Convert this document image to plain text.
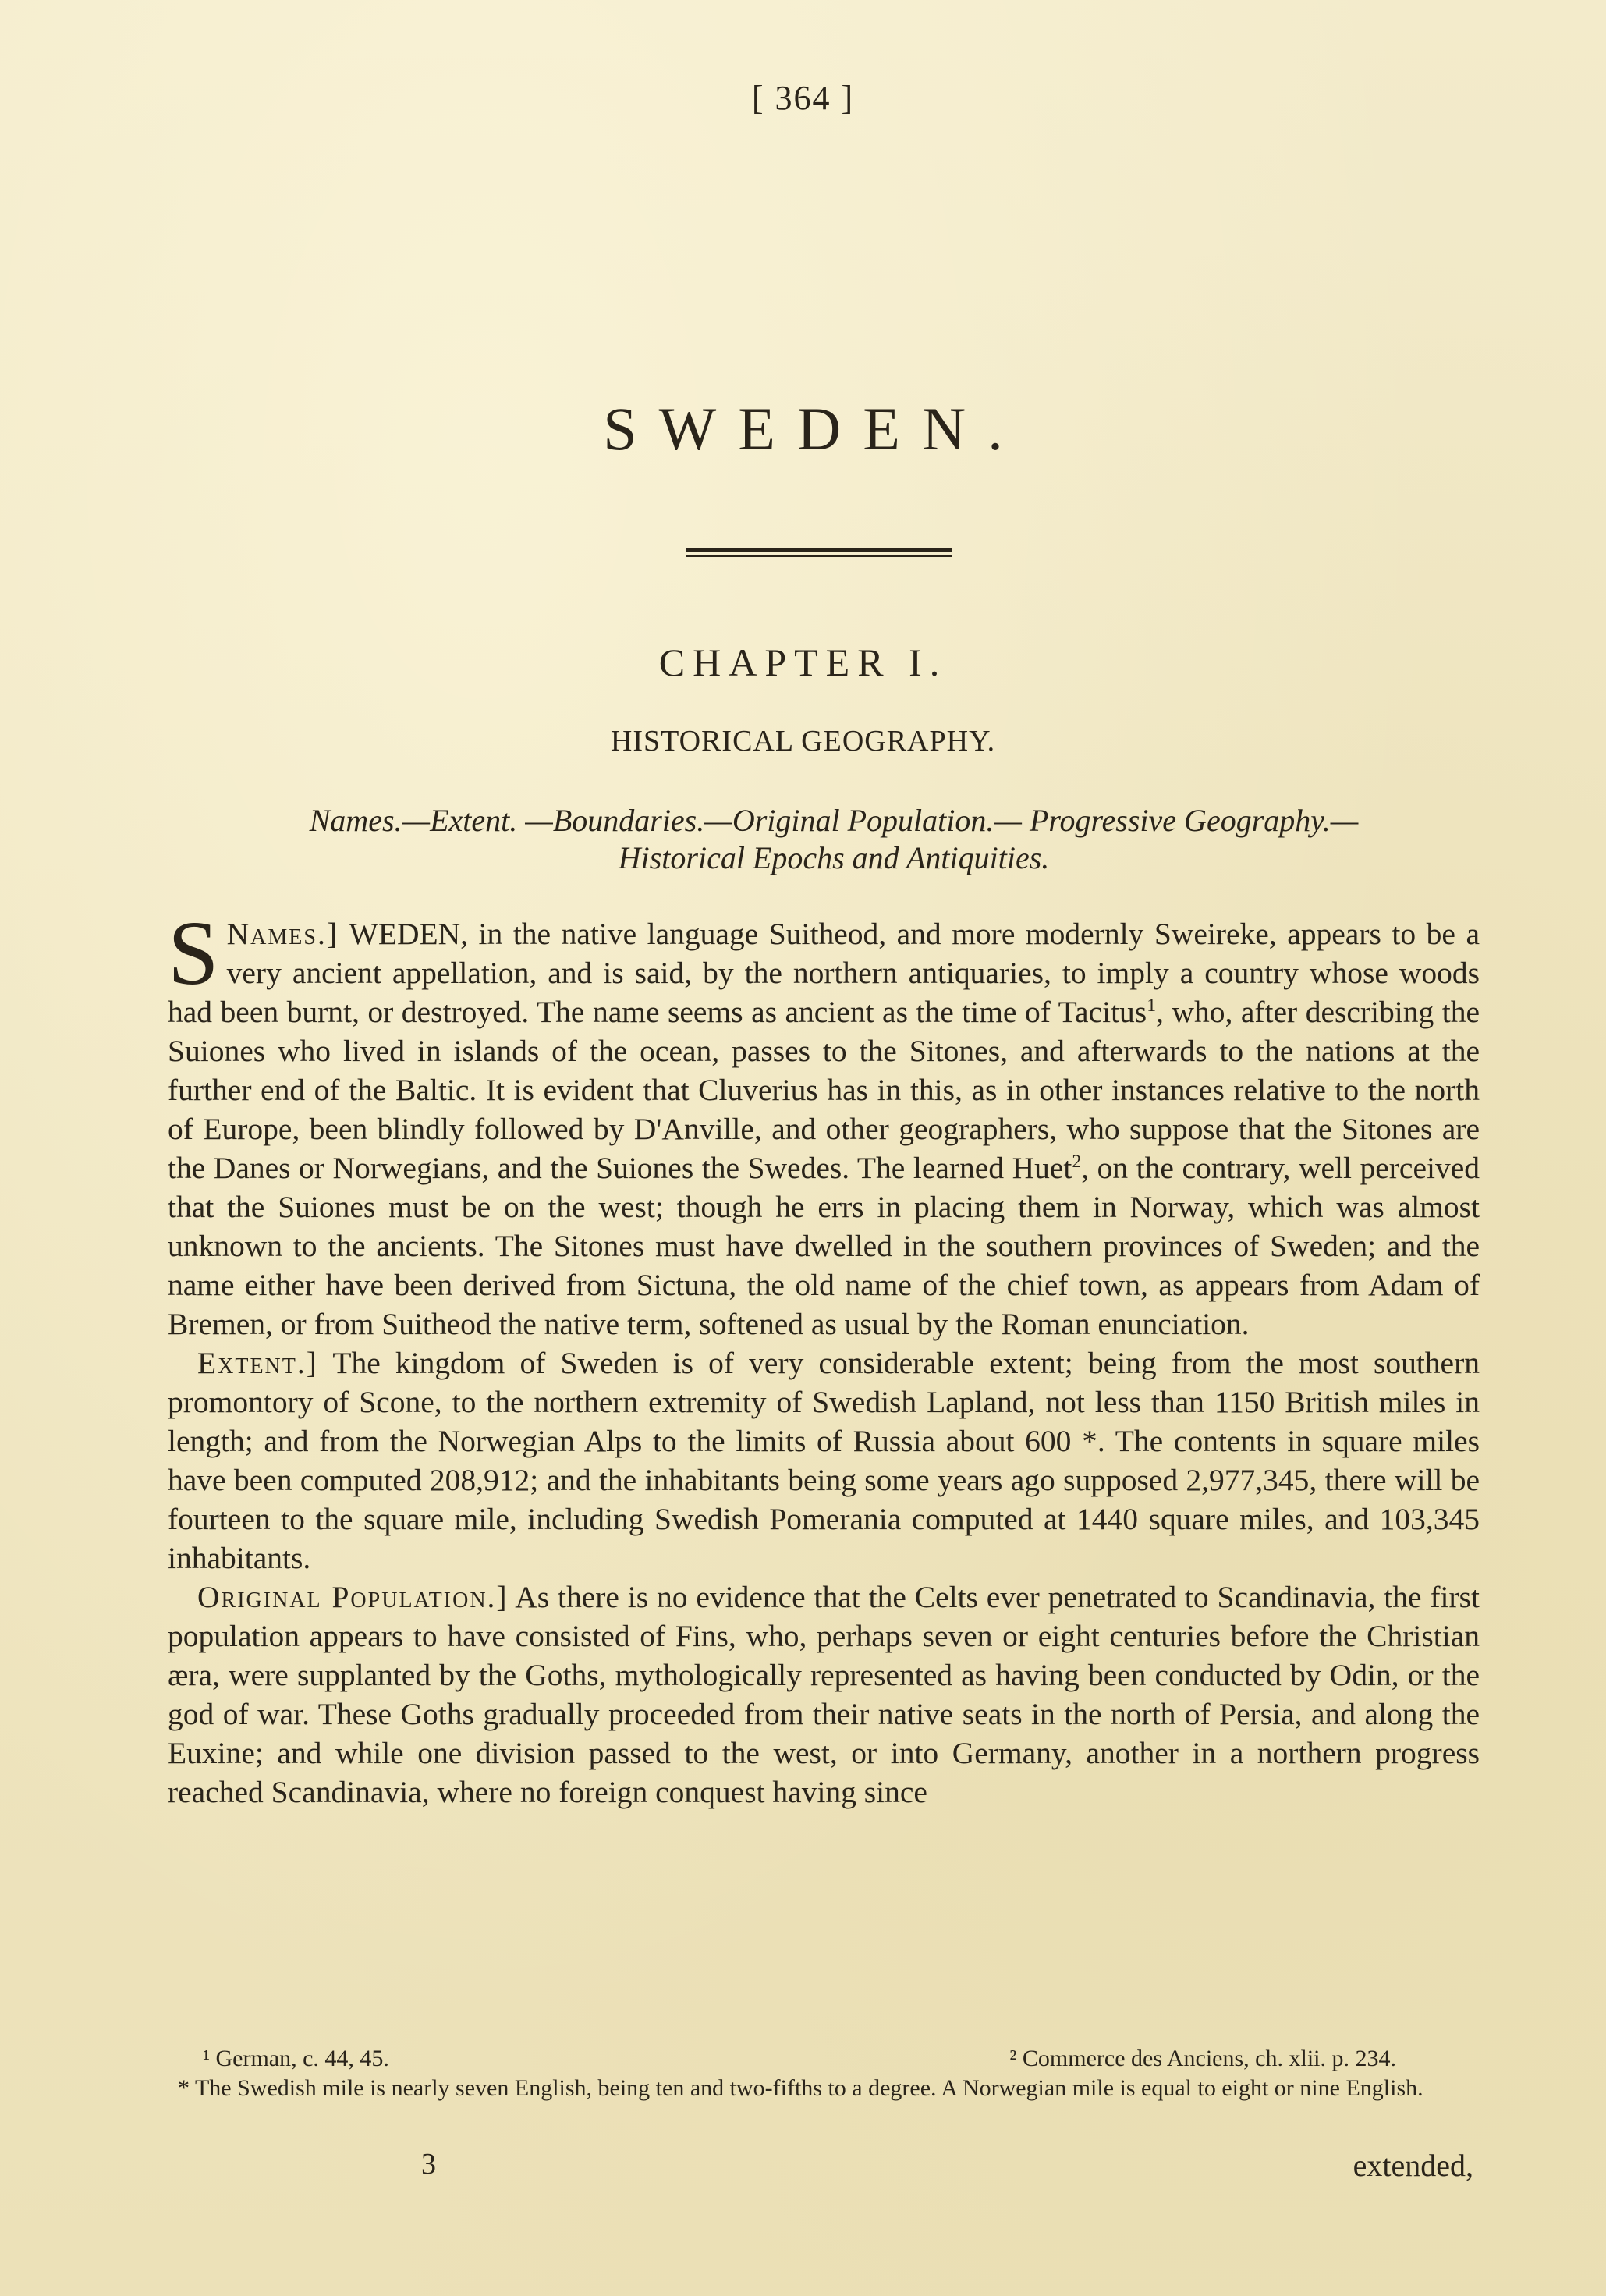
[ 364 ]
SWEDEN.
CHAPTER I.
HISTORICAL GEOGRAPHY.
Names.—Extent. —Boundaries.—Original Population.— Progressive Geography.—
Historical Epochs and Antiquities.

Names.]
S	WEDEN, in the native language Suitheod, and more modernly Sweireke, appears to be a very ancient appellation, and is said, by the northern antiquaries, to imply a country whose woods had been burnt, or destroyed. The name seems as ancient as the time of Tacitus$^1$, who, after describing the Suiones who lived in islands of the ocean, passes to the Sitones, and afterwards to the nations at the further end of the Baltic. It is evident that Cluverius has in this, as in other instances relative to the north of Europe, been blindly followed by D'Anville, and other geographers, who suppose that the Sitones are the Danes or Norwegians, and the Suiones the Swedes. The learned Huet$^2$, on the contrary, well perceived that the Suiones must be on the west; though he errs in placing them in Norway, which was almost unknown to the ancients. The Sitones must have dwelled in the southern provinces of Sweden; and the name either have been derived from Sictuna, the old name of the chief town, as appears from Adam of Bremen, or from Suitheod the native term, softened as usual by the Roman enunciation.

Extent.] The kingdom of Sweden is of very considerable extent; being from the most southern promontory of Scone, to the northern extremity of Swedish Lapland, not less than 1150 British miles in length; and from the Norwegian Alps to the limits of Russia about 600 *. The contents in square miles have been computed 208,912; and the inhabitants being some years ago supposed 2,977,345, there will be fourteen to the square mile, including Swedish Pomerania computed at 1440 square miles, and 103,345 inhabitants.

Original Population.] As there is no evidence that the Celts ever penetrated to Scandinavia, the first population appears to have consisted of Fins, who, perhaps seven or eight centuries before the Christian æra, were supplanted by the Goths, mythologically represented as having been conducted by Odin, or the god of war. These Goths gradually proceeded from their native seats in the north of Persia, and along the Euxine; and while one division passed to the west, or into Germany, another in a northern progress reached Scandinavia, where no foreign conquest having since

¹ German, c. 44, 45.	² Commerce des Anciens, ch. xlii. p. 234.

* The Swedish mile is nearly seven English, being ten and two-fifths to a degree. A Norwegian mile is equal to eight or nine English.

3	extended,
